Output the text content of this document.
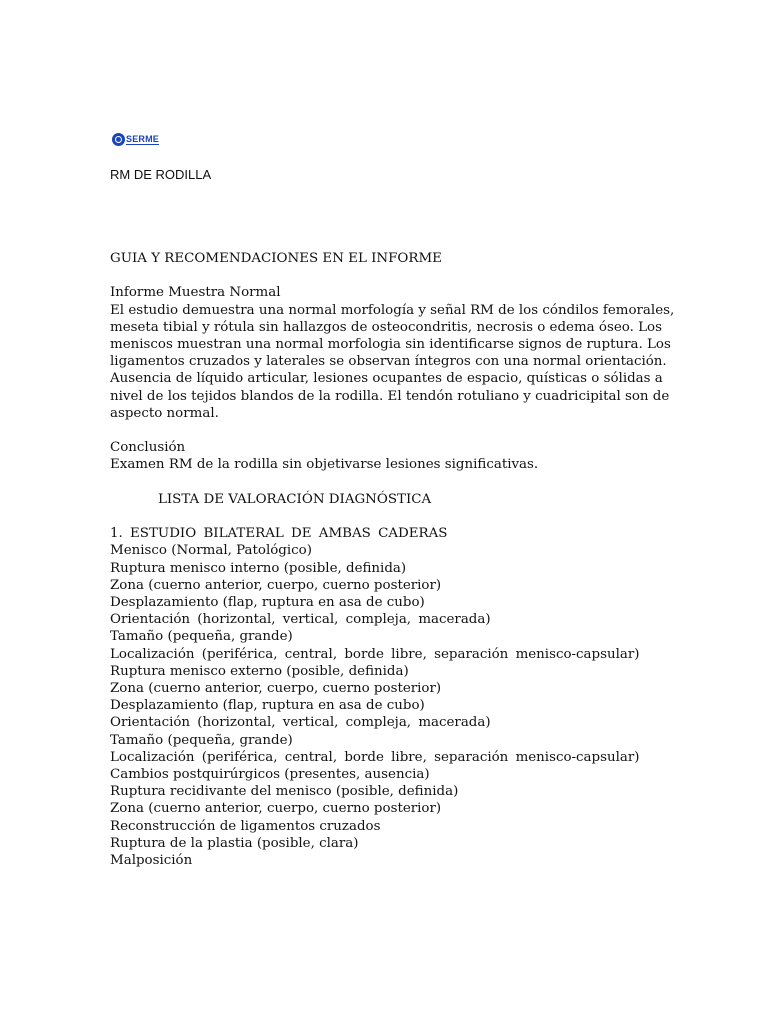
SERME
RM DE RODILLA

GUIA Y RECOMENDACIONES EN EL INFORME

Informe Muestra Normal

El estudio demuestra una normal morfología y señal RM de los cóndilos femorales,

meseta tibial y rótula sin hallazgos de osteocondritis, necrosis o edema óseo. Los

meniscos muestran una normal morfologia sin identificarse signos de ruptura. Los

ligamentos cruzados y laterales se observan íntegros con una normal orientación.

Ausencia de líquido articular, lesiones ocupantes de espacio, quísticas o sólidas a

nivel de los tejidos blandos de la rodilla. El tendón rotuliano y cuadricipital son de

aspecto normal.

Conclusión

Examen RM de la rodilla sin objetivarse lesiones significativas.

LISTA DE VALORACIÓN DIAGNÓSTICA

1. ESTUDIO BILATERAL DE AMBAS CADERAS

Menisco (Normal, Patológico)

Ruptura menisco interno (posible, definida)

Zona (cuerno anterior, cuerpo, cuerno posterior)

Desplazamiento (flap, ruptura en asa de cubo)

Orientación (horizontal, vertical, compleja, macerada)

Tamaño (pequeña, grande)

Localización (periférica, central, borde libre, separación menisco-capsular)

Ruptura menisco externo (posible, definida)

Zona (cuerno anterior, cuerpo, cuerno posterior)

Desplazamiento (flap, ruptura en asa de cubo)

Orientación (horizontal, vertical, compleja, macerada)

Tamaño (pequeña, grande)

Localización (periférica, central, borde libre, separación menisco-capsular)

Cambios postquirúrgicos (presentes, ausencia)

Ruptura recidivante del menisco (posible, definida)

Zona (cuerno anterior, cuerpo, cuerno posterior)

Reconstrucción de ligamentos cruzados

Ruptura de la plastia (posible, clara)

Malposición
